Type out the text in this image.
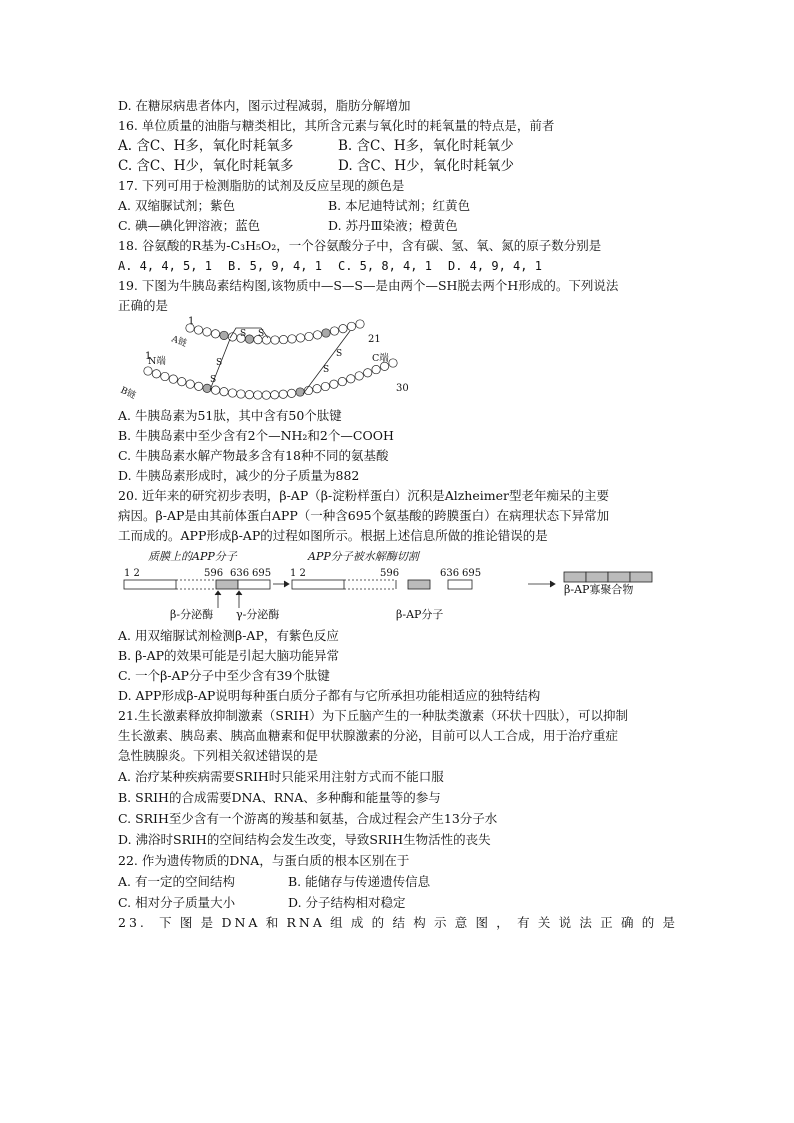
D. 在糖尿病患者体内，图示过程减弱，脂肪分解增加
16. 单位质量的油脂与糖类相比，其所含元素与氧化时的耗氧量的特点是，前者
A. 含C、H多，氧化时耗氧多	B. 含C、H多，氧化时耗氧少
C. 含C、H少，氧化时耗氧多	D. 含C、H少，氧化时耗氧少
17. 下列可用于检测脂肪的试剂及反应呈现的颜色是
A. 双缩脲试剂；紫色	B. 本尼迪特试剂；红黄色
C. 碘—碘化钾溶液；蓝色	D. 苏丹Ⅲ染液；橙黄色
18. 谷氨酸的R基为-C₃H₅O₂，一个谷氨酸分子中，含有碳、氢、氧、氮的原子数分别是
A. 4, 4, 5, 1	B. 5, 9, 4, 1	C. 5, 8, 4, 1	D. 4, 9, 4, 1
19. 下图为牛胰岛素结构图,该物质中—S—S—是由两个—SH脱去两个H形成的。下列说法
正确的是
1
A链
N端
1
B链
21
C端
30
S S
S
S
S
S
A. 牛胰岛素为51肽，其中含有50个肽键
B. 牛胰岛素中至少含有2个—NH₂和2个—COOH
C. 牛胰岛素水解产物最多含有18种不同的氨基酸
D. 牛胰岛素形成时，减少的分子质量为882
20. 近年来的研究初步表明，β-AP（β-淀粉样蛋白）沉积是Alzheimer型老年痴呆的主要
病因。β-AP是由其前体蛋白APP（一种含695个氨基酸的跨膜蛋白）在病理状态下异常加
工而成的。APP形成β-AP的过程如图所示。根据上述信息所做的推论错误的是
质膜上的APP分子	APP分子被水解酶切割
β-AP寡聚合物
β-分泌酶 γ-分泌酶	β-AP分子
1 2	596 636 695 1 2	596	636 695
A. 用双缩脲试剂检测β-AP，有紫色反应
B. β-AP的效果可能是引起大脑功能异常
C. 一个β-AP分子中至少含有39个肽键
D. APP形成β-AP说明每种蛋白质分子都有与它所承担功能相适应的独特结构
21.生长激素释放抑制激素（SRIH）为下丘脑产生的一种肽类激素（环状十四肽），可以抑制
生长激素、胰岛素、胰高血糖素和促甲状腺激素的分泌，目前可以人工合成，用于治疗重症
急性胰腺炎。下列相关叙述错误的是
A. 治疗某种疾病需要SRIH时只能采用注射方式而不能口服
B. SRIH的合成需要DNA、RNA、多种酶和能量等的参与
C. SRIH至少含有一个游离的羧基和氨基，合成过程会产生13分子水
D. 沸浴时SRIH的空间结构会发生改变，导致SRIH生物活性的丧失
22. 作为遗传物质的DNA，与蛋白质的根本区别在于
A. 有一定的空间结构	B. 能储存与传递遗传信息
C. 相对分子质量大小	D. 分子结构相对稳定
23. 下图是DNA和RNA组成的结构示意图，有关说法正确的是
